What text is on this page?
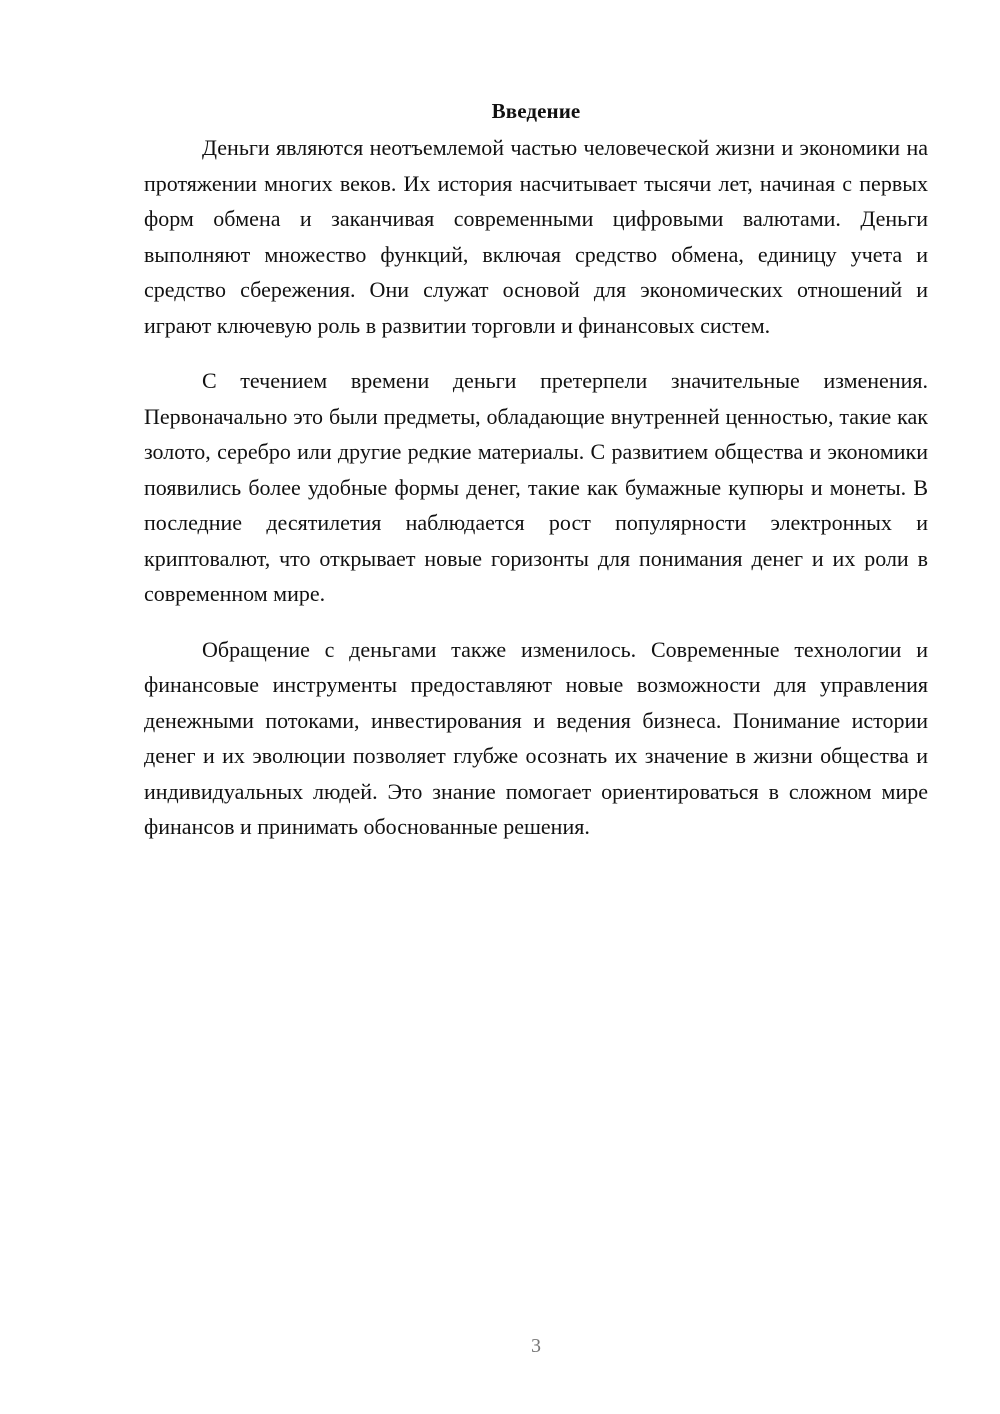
Введение

Деньги являются неотъемлемой частью человеческой жизни и экономики на протяжении многих веков. Их история насчитывает тысячи лет, начиная с первых форм обмена и заканчивая современными цифровыми валютами. Деньги выполняют множество функций, включая средство обмена, единицу учета и средство сбережения. Они служат основой для экономических отношений и играют ключевую роль в развитии торговли и финансовых систем.

С течением времени деньги претерпели значительные изменения. Первоначально это были предметы, обладающие внутренней ценностью, такие как золото, серебро или другие редкие материалы. С развитием общества и экономики появились более удобные формы денег, такие как бумажные купюры и монеты. В последние десятилетия наблюдается рост популярности электронных и криптовалют, что открывает новые горизонты для понимания денег и их роли в современном мире.

Обращение с деньгами также изменилось. Современные технологии и финансовые инструменты предоставляют новые возможности для управления денежными потоками, инвестирования и ведения бизнеса. Понимание истории денег и их эволюции позволяет глубже осознать их значение в жизни общества и индивидуальных людей. Это знание помогает ориентироваться в сложном мире финансов и принимать обоснованные решения.

3
